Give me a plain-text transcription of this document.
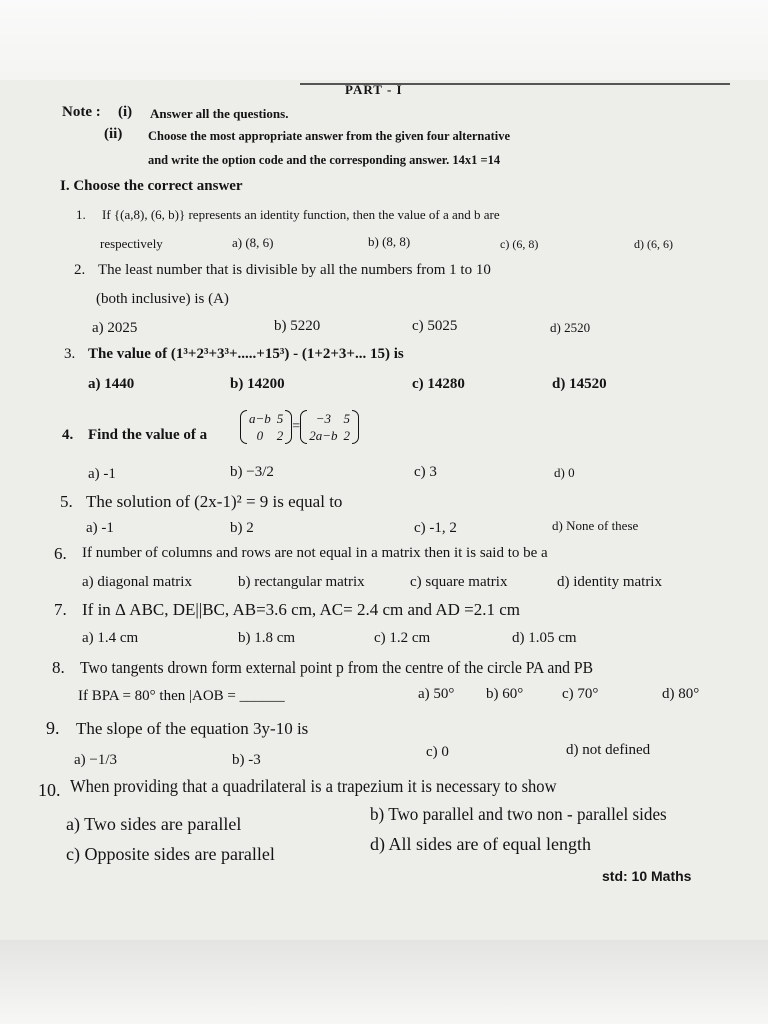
PART - I
Note : (i) Answer all the questions.
(ii) Choose the most appropriate answer from the given four alternative
and write the option code and the corresponding answer. 14x1 =14
I. Choose the correct answer
1. If {(a,8), (6, b)} represents an identity function, then the value of a and b are
respectively	a) (8, 6)	b) (8, 8)	c) (6, 8)	d) (6, 6)
2. The least number that is divisible by all the numbers from 1 to 10
(both inclusive) is (A)
a) 2025	b) 5220	c) 5025	d) 2520
3. The value of (1³+2³+3³+.....+15³) - (1+2+3+... 15) is
a) 1440	b) 14200	c) 14280	d) 14520
4. Find the value of a
a−b	5
0	2
=
−3	5
2a−b	2
a) -1	b) −3/2	c) 3	d) 0
5. The solution of (2x-1)² = 9 is equal to
a) -1	b) 2	c) -1, 2	d) None of these
6. If number of columns and rows are not equal in a matrix then it is said to be a
a) diagonal matrix	b) rectangular matrix	c) square matrix	d) identity matrix
7. If in Δ ABC, DE||BC, AB=3.6 cm, AC= 2.4 cm and AD =2.1 cm
a) 1.4 cm	b) 1.8 cm	c) 1.2 cm	d) 1.05 cm
8. Two tangents drown form external point p from the centre of the circle PA and PB
If BPA = 80° then |AOB = ______	a) 50° b) 60°	c) 70°	d) 80°
9. The slope of the equation 3y-10 is
a) −1/3	b) -3	c) 0	d) not defined
10. When providing that a quadrilateral is a trapezium it is necessary to show
a) Two sides are parallel	b) Two parallel and two non - parallel sides
c) Opposite sides are parallel	d) All sides are of equal length
std: 10 Maths
